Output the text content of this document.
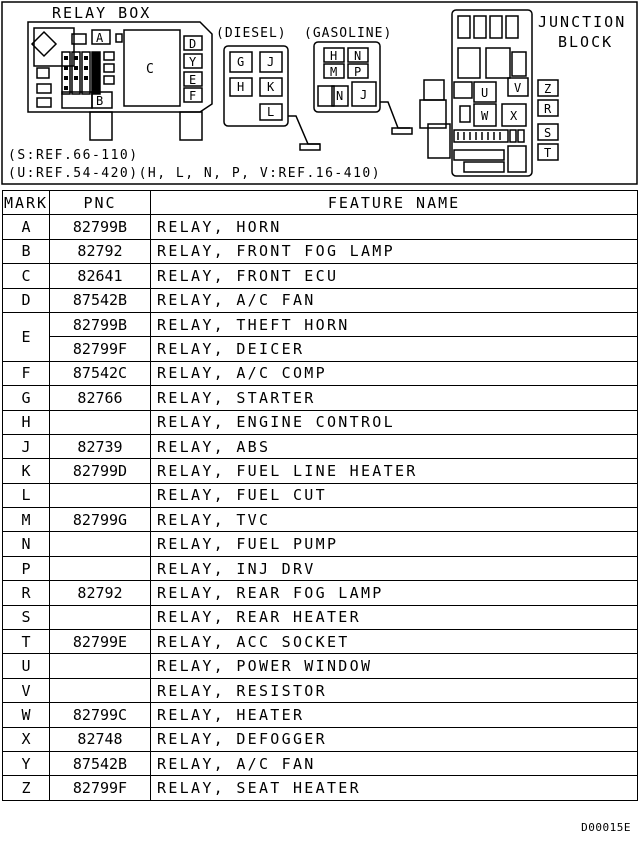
RELAY BOX
(DIESEL) (GASOLINE)
JUNCTION
BLOCK
A
B
C
D
Y
E
F
G J
H K
L
H N
M P
N J	U V
W X
Z
R
S
T
(S:REF.66-110)
(U:REF.54-420)(H, L, N, P, V:REF.16-410)
MARK	PNC	FEATURE NAME
A	82799B	RELAY, HORN
B	82792	RELAY, FRONT FOG LAMP
C	82641	RELAY, FRONT ECU
D	87542B	RELAY, A/C FAN
E	82799B	RELAY, THEFT HORN
	82799F	RELAY, DEICER
F	87542C	RELAY, A/C COMP
G	82766	RELAY, STARTER
H		RELAY, ENGINE CONTROL
J	82739	RELAY, ABS
K	82799D	RELAY, FUEL LINE HEATER
L		RELAY, FUEL CUT
M	82799G	RELAY, TVC
N		RELAY, FUEL PUMP
P		RELAY, INJ DRV
R	82792	RELAY, REAR FOG LAMP
S		RELAY, REAR HEATER
T	82799E	RELAY, ACC SOCKET
U		RELAY, POWER WINDOW
V		RELAY, RESISTOR
W	82799C	RELAY, HEATER
X	82748	RELAY, DEFOGGER
Y	87542B	RELAY, A/C FAN
Z	82799F	RELAY, SEAT HEATER
D00015E
